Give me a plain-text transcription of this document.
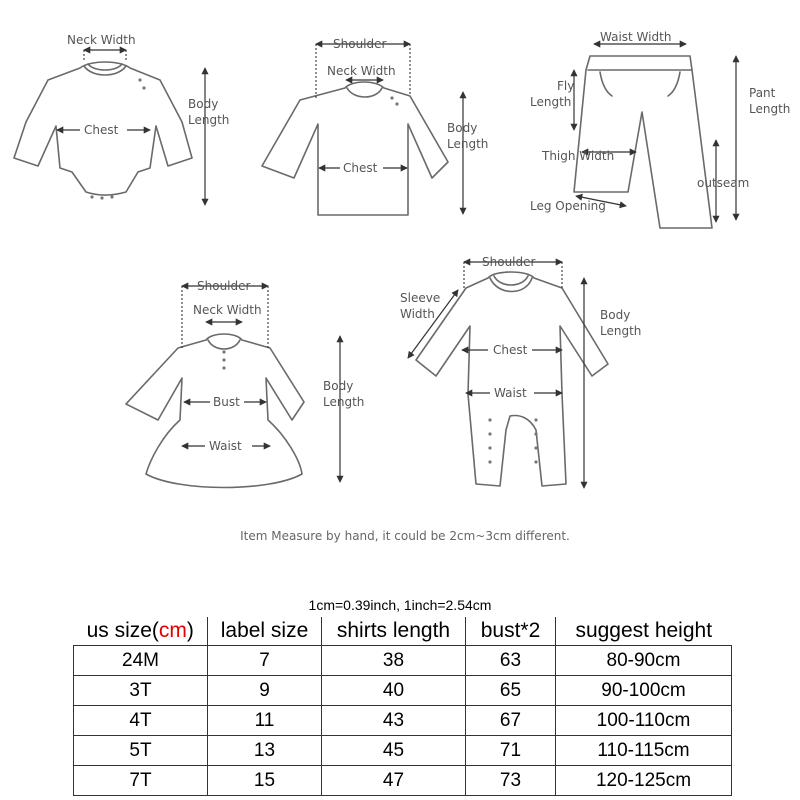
Neck Width
Chest
Body
Length
Shoulder
Neck Width
Chest
Body
Length
Waist Width
Fly
Length
Pant
Length
Thigh Width
outseam
Leg Opening
Shoulder
Neck Width
Bust
Waist
Body
Length
Shoulder
Sleeve
Width
Chest
Waist
Body
Length
Item Measure by hand, it could be 2cm~3cm different.
1cm=0.39inch, 1inch=2.54cm
us size(cm)	label size	shirts length	bust*2	suggest height
24M	7	38	63	80-90cm
3T	9	40	65	90-100cm
4T	11	43	67	100-110cm
5T	13	45	71	110-115cm
7T	15	47	73	120-125cm
